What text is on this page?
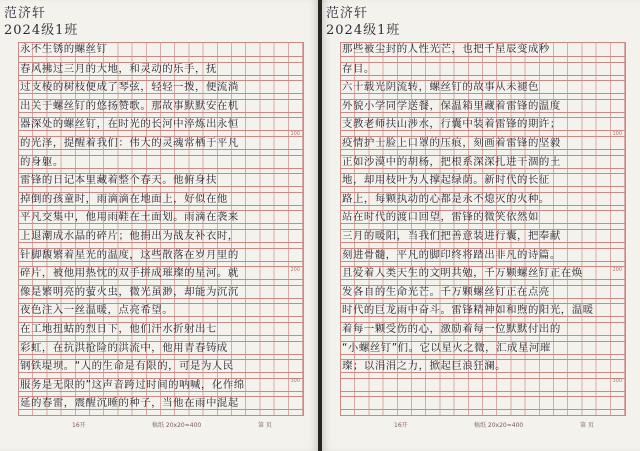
范济轩
2024级1班
永不生锈的螺丝钉
春风拂过三月的大地，和灵动的乐手，抚
过支棱的树枝便成了琴弦，轻轻一拨，便流淌
出关于螺丝钉的悠扬赞歌。那故事默默安在机
器深处的螺丝钉，在时光的长河中淬炼出永恒
的光泽，提醒着我们：伟大的灵魂常栖于平凡
的身躯。
雷锋的日记本里藏着整个春天。他俯身扶
掉倒的孩童时，雨滴滴在地面上，好似在他
平凡交集中，他用雨鞋在土面划。雨滴在袭来
上退潮成水晶的碎片；他捐出为战友补衣时，
针脚馥繁着星光的温度，这些散落在岁月里的
碎片，被他用热忱的双手拼成璀璨的星河。就
像是繁明亮的萤火虫，微光虽渺，却能为沉沉
夜色注入一丝温暖，点亮希望。
在工地扭蛄的烈日下，他们汗水折射出七
彩虹，在抗洪抢险的洪流中，他用青春铸成
钢铁堤坝。“人的生命是有限的，可是为人民
服务是无限的”这声音跨过时间的呐喊，化作绵
延的春雷，震醒沉睡的种子，当他在雨中混起
100
200
300
16开	稿纸 20x20=400	第 页
范济轩
2024级1班
那些被尘封的人性光芒，也把千星辰变成秒
存目。
六十载光阴流转，螺丝钉的故事从未褪色
外貌小学同学送餐，保温箱里藏着雷锋的温度
支教老师扶山涉水，行囊中装着雷锋的期许；
疫情护士脸上口罩的压痕，刻画着雷锋的坚毅
正如沙漠中的胡杨，把根系深深扎进干涸的土
地，却用枝叶为人撑起绿荫。新时代的长征
路上，每颗执动的心都是永不熄灭的火种。
站在时代的渡口回望，雷锋的微笑依然如
三月的暖阳，当我们把善意装进行囊，把奉献
刻进骨髓，平凡的脚印终将踏出非凡的诗篇。
且爱着人类天生的文明共勉，千万颗螺丝钉正在焕
发各自的生命光芒。千万颗螺丝钉正在点亮
时代的巨龙雨中奋斗。雷锋精神如和煦的阳光，温暖
着每一颗受伤的心，激励着每一位默默付出的
“小螺丝钉”们。它以星火之微，汇成星河璀
璨；以涓涓之力，掀起巨浪狂澜。
100
200
300
16开	稿纸 20x20=400	第 页
